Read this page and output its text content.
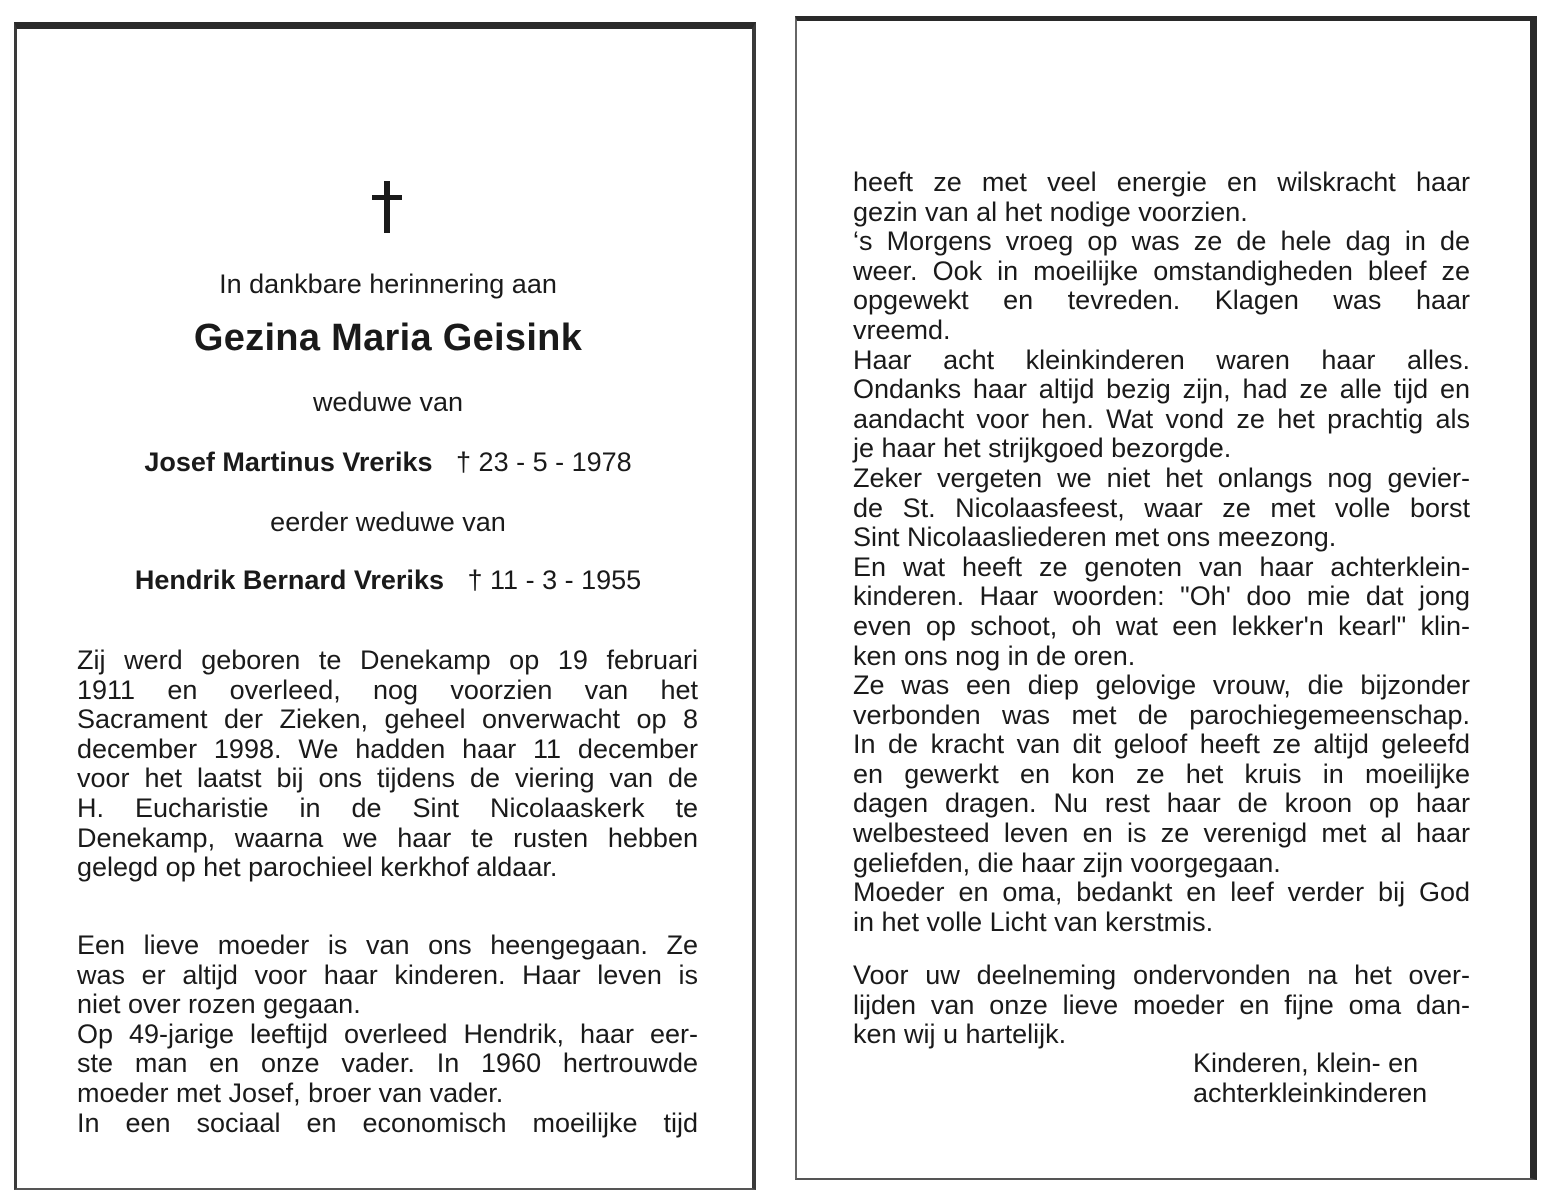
In dankbare herinnering aan
Gezina Maria Geisink
weduwe van
Josef Martinus Vreriks † 23 - 5 - 1978
eerder weduwe van
Hendrik Bernard Vreriks † 11 - 3 - 1955
Zij werd geboren te Denekamp op 19 februari
1911 en overleed, nog voorzien van het
Sacrament der Zieken, geheel onverwacht op 8
december 1998. We hadden haar 11 december
voor het laatst bij ons tijdens de viering van de
H. Eucharistie in de Sint Nicolaaskerk te
Denekamp, waarna we haar te rusten hebben
gelegd op het parochieel kerkhof aldaar.
Een lieve moeder is van ons heengegaan. Ze
was er altijd voor haar kinderen. Haar leven is
niet over rozen gegaan.
Op 49-jarige leeftijd overleed Hendrik, haar eer-
ste man en onze vader. In 1960 hertrouwde
moeder met Josef, broer van vader.
In een sociaal en economisch moeilijke tijd
heeft ze met veel energie en wilskracht haar
gezin van al het nodige voorzien.
‘s Morgens vroeg op was ze de hele dag in de
weer. Ook in moeilijke omstandigheden bleef ze
opgewekt en tevreden. Klagen was haar
vreemd.
Haar acht kleinkinderen waren haar alles.
Ondanks haar altijd bezig zijn, had ze alle tijd en
aandacht voor hen. Wat vond ze het prachtig als
je haar het strijkgoed bezorgde.
Zeker vergeten we niet het onlangs nog gevier-
de St. Nicolaasfeest, waar ze met volle borst
Sint Nicolaasliederen met ons meezong.
En wat heeft ze genoten van haar achterklein-
kinderen. Haar woorden: "Oh' doo mie dat jong
even op schoot, oh wat een lekker'n kearl" klin-
ken ons nog in de oren.
Ze was een diep gelovige vrouw, die bijzonder
verbonden was met de parochiegemeenschap.
In de kracht van dit geloof heeft ze altijd geleefd
en gewerkt en kon ze het kruis in moeilijke
dagen dragen. Nu rest haar de kroon op haar
welbesteed leven en is ze verenigd met al haar
geliefden, die haar zijn voorgegaan.
Moeder en oma, bedankt en leef verder bij God
in het volle Licht van kerstmis.
Voor uw deelneming ondervonden na het over-
lijden van onze lieve moeder en fijne oma dan-
ken wij u hartelijk.
Kinderen, klein- en
achterkleinkinderen
